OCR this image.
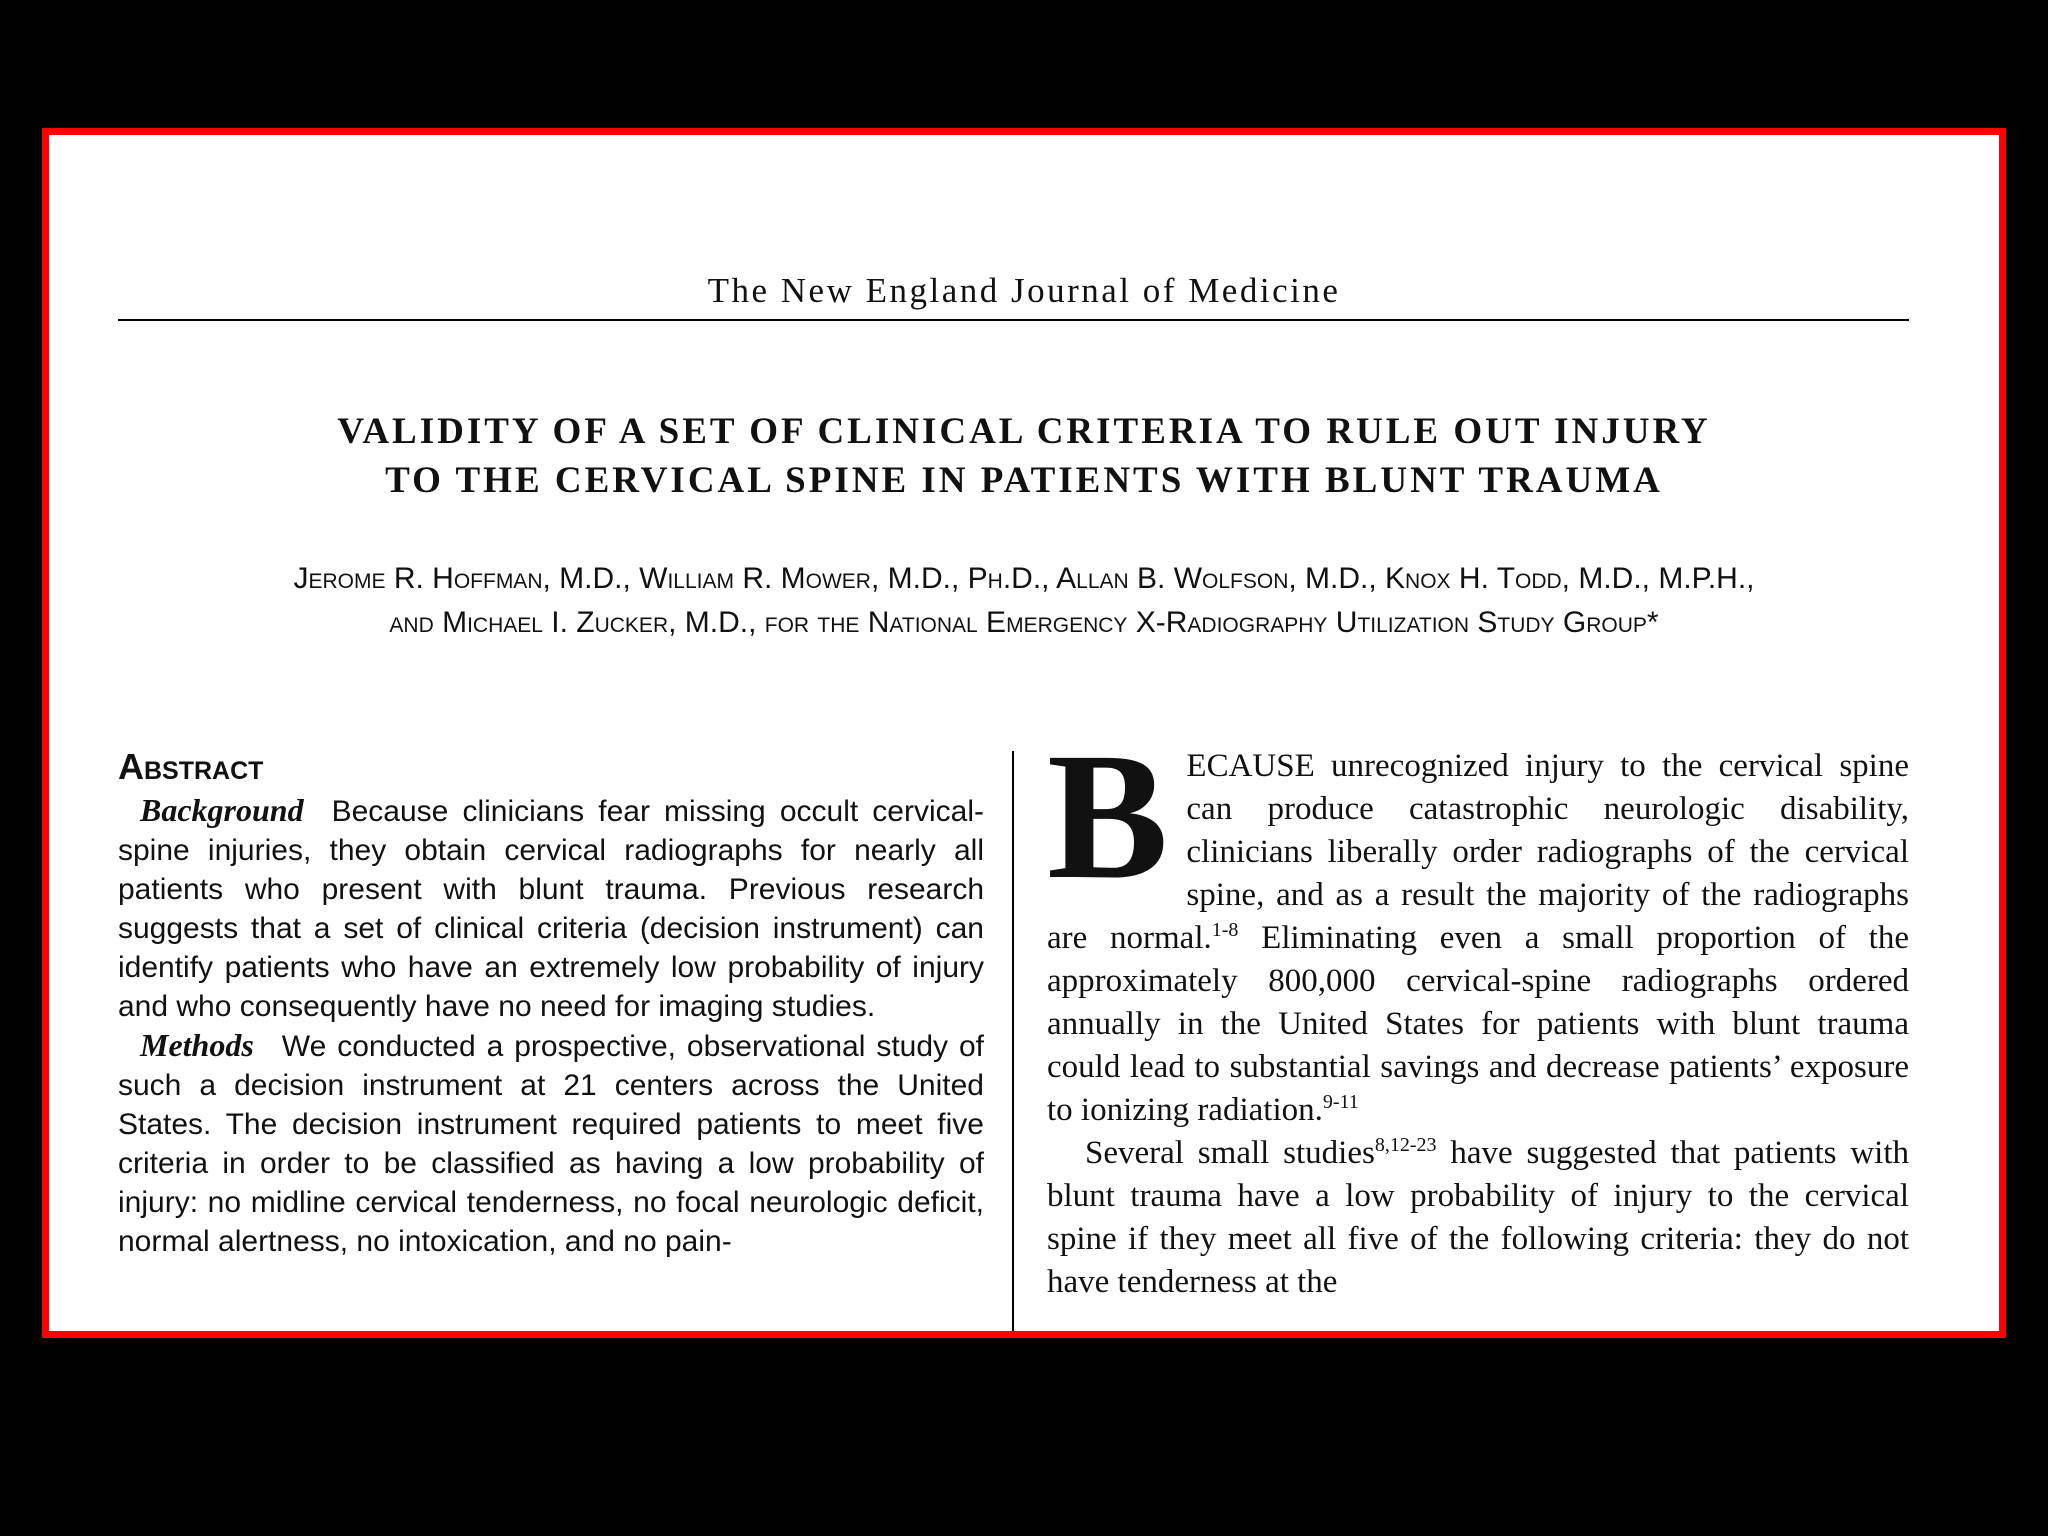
The New England Journal of Medicine
VALIDITY OF A SET OF CLINICAL CRITERIA TO RULE OUT INJURY
TO THE CERVICAL SPINE IN PATIENTS WITH BLUNT TRAUMA
Jerome R. Hoffman, M.D., William R. Mower, M.D., Ph.D., Allan B. Wolfson, M.D., Knox H. Todd, M.D., M.P.H.,
and Michael I. Zucker, M.D., for the National Emergency X-Radiography Utilization Study Group*
Abstract

Background Because clinicians fear missing occult cervical-spine injuries, they obtain cervical radiographs for nearly all patients who present with blunt trauma. Previous research suggests that a set of clinical criteria (decision instrument) can identify patients who have an extremely low probability of injury and who consequently have no need for imaging studies.

Methods We conducted a prospective, observational study of such a decision instrument at 21 centers across the United States. The decision instrument required patients to meet five criteria in order to be classified as having a low probability of injury: no midline cervical tenderness, no focal neurologic deficit, normal alertness, no intoxication, and no pain-

BECAUSE unrecognized injury to the cervical spine can produce catastrophic neurologic disability, clinicians liberally order radiographs of the cervical spine, and as a result the majority of the radiographs are normal.$^{1-8}$ Eliminating even a small proportion of the approximately 800,000 cervical-spine radiographs ordered annually in the United States for patients with blunt trauma could lead to substantial savings and decrease patients’ exposure to ionizing radiation.$^{9-11}$

Several small studies$^{8,12-23}$ have suggested that patients with blunt trauma have a low probability of injury to the cervical spine if they meet all five of the following criteria: they do not have tenderness at the
